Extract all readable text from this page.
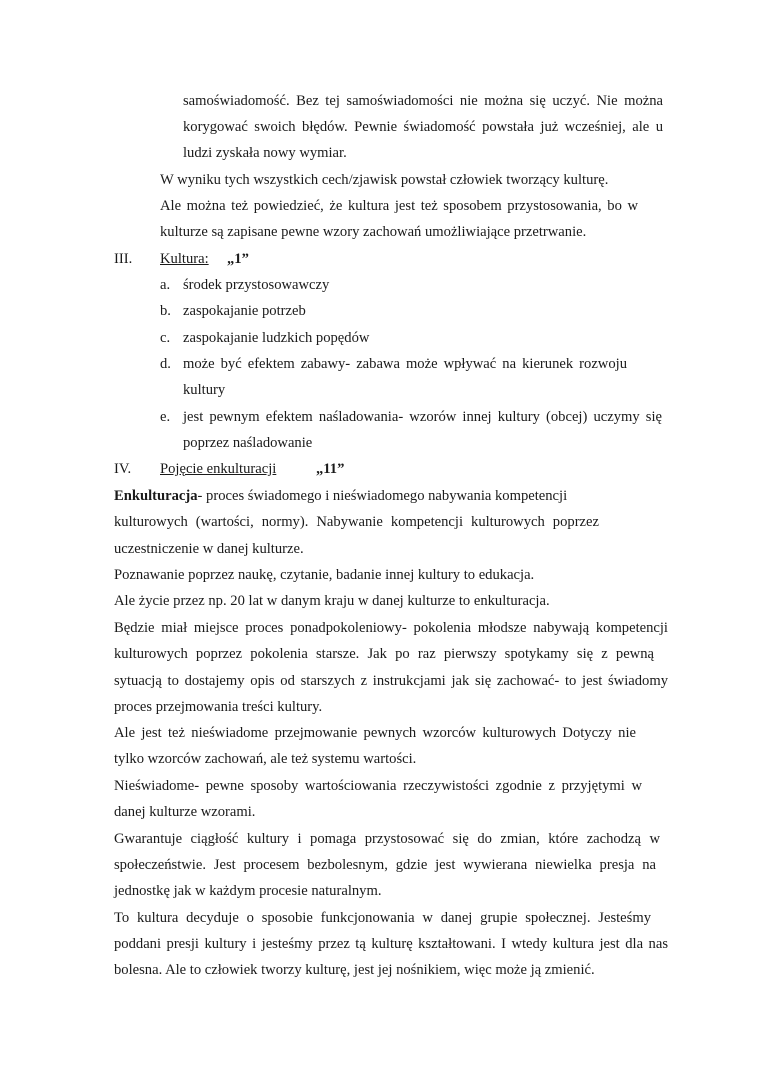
samoświadomość. Bez tej samoświadomości nie można się uczyć. Nie można
korygować swoich błędów. Pewnie świadomość powstała już wcześniej, ale u
ludzi zyskała nowy wymiar.
W wyniku tych wszystkich cech/zjawisk powstał człowiek tworzący kulturę.
Ale można też powiedzieć, że kultura jest też sposobem przystosowania, bo w
kulturze są zapisane pewne wzory zachowań umożliwiające przetrwanie.
III. Kultura: „1”
a. środek przystosowawczy
b. zaspokajanie potrzeb
c. zaspokajanie ludzkich popędów
d. może być efektem zabawy- zabawa może wpływać na kierunek rozwoju
kultury
e. jest pewnym efektem naśladowania- wzorów innej kultury (obcej) uczymy się
poprzez naśladowanie
IV. Pojęcie enkulturacji	„11”
Enkulturacja- proces świadomego i nieświadomego nabywania kompetencji
kulturowych (wartości, normy). Nabywanie kompetencji kulturowych poprzez
uczestniczenie w danej kulturze.
Poznawanie poprzez naukę, czytanie, badanie innej kultury to edukacja.
Ale życie przez np. 20 lat w danym kraju w danej kulturze to enkulturacja.
Będzie miał miejsce proces ponadpokoleniowy- pokolenia młodsze nabywają kompetencji
kulturowych poprzez pokolenia starsze. Jak po raz pierwszy spotykamy się z pewną
sytuacją to dostajemy opis od starszych z instrukcjami jak się zachować- to jest świadomy
proces przejmowania treści kultury.
Ale jest też nieświadome przejmowanie pewnych wzorców kulturowych Dotyczy nie
tylko wzorców zachowań, ale też systemu wartości.
Nieświadome- pewne sposoby wartościowania rzeczywistości zgodnie z przyjętymi w
danej kulturze wzorami.
Gwarantuje ciągłość kultury i pomaga przystosować się do zmian, które zachodzą w
społeczeństwie. Jest procesem bezbolesnym, gdzie jest wywierana niewielka presja na
jednostkę jak w każdym procesie naturalnym.
To kultura decyduje o sposobie funkcjonowania w danej grupie społecznej. Jesteśmy
poddani presji kultury i jesteśmy przez tą kulturę kształtowani. I wtedy kultura jest dla nas
bolesna. Ale to człowiek tworzy kulturę, jest jej nośnikiem, więc może ją zmienić.
